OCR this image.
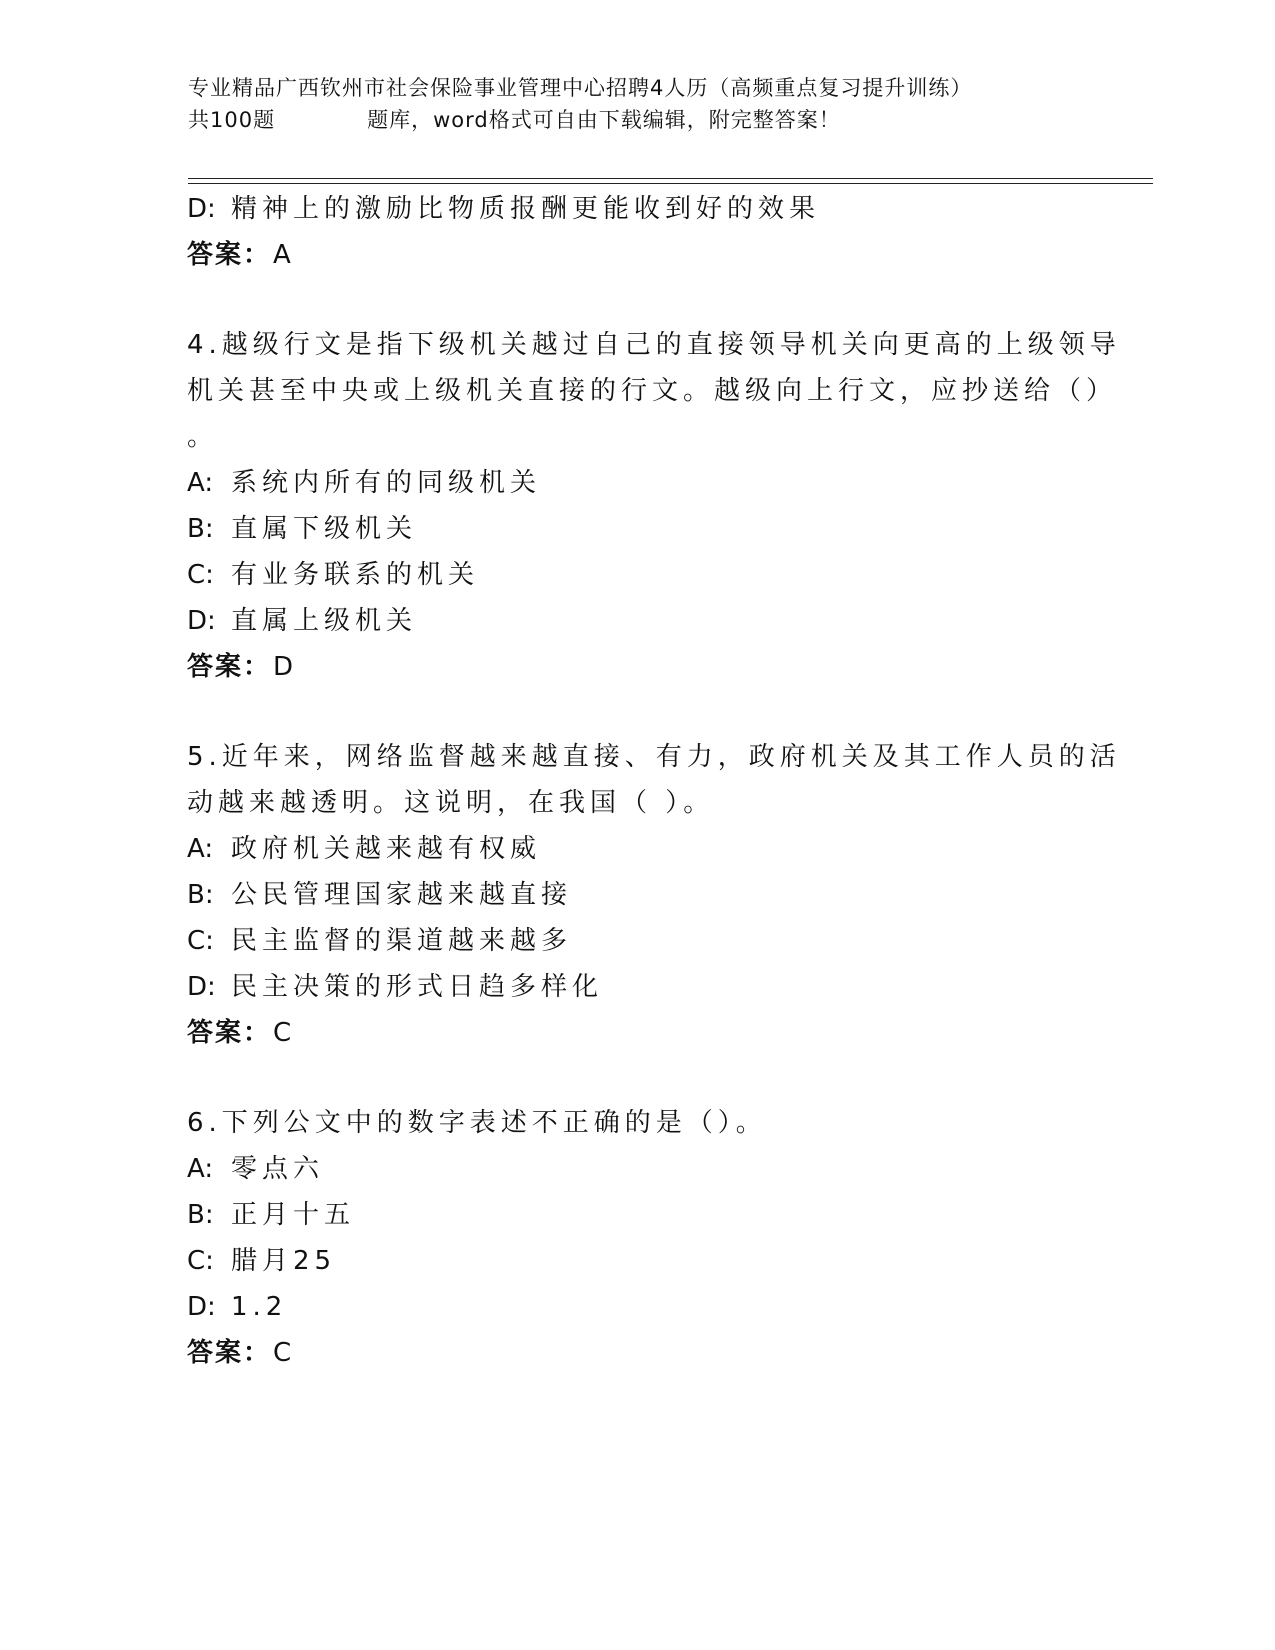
专业精品广西钦州市社会保险事业管理中心招聘4人历（高频重点复习提升训练）
共100题	题库，word格式可自由下载编辑，附完整答案！
D: 精神上的激励比物质报酬更能收到好的效果
答案：A
4.越级行文是指下级机关越过自己的直接领导机关向更高的上级领导
机关甚至中央或上级机关直接的行文。越级向上行文，应抄送给（）
。
A: 系统内所有的同级机关
B: 直属下级机关
C: 有业务联系的机关
D: 直属上级机关
答案：D
5.近年来，网络监督越来越直接、有力，政府机关及其工作人员的活
动越来越透明。这说明，在我国（ ）。
A: 政府机关越来越有权威
B: 公民管理国家越来越直接
C: 民主监督的渠道越来越多
D: 民主决策的形式日趋多样化
答案：C
6.下列公文中的数字表述不正确的是（）。
A: 零点六
B: 正月十五
C: 腊月25
D: 1.2
答案：C
